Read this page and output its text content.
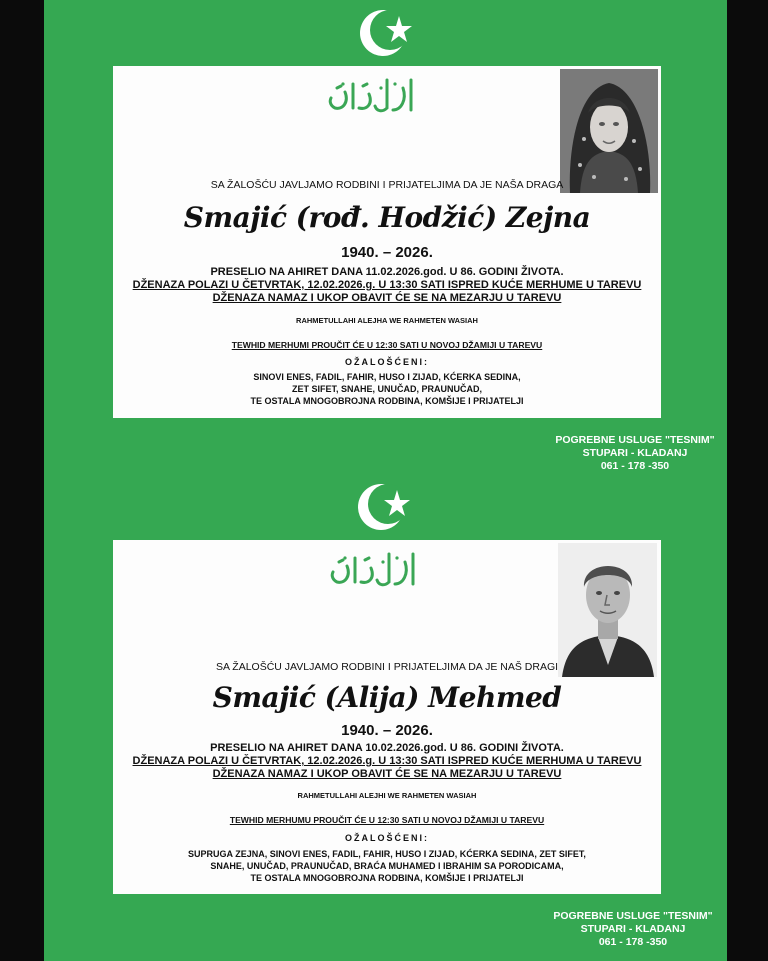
SA ŽALOŠĆU JAVLJAMO RODBINI I PRIJATELJIMA DA JE NAŠA DRAGA
Smajić (rođ. Hodžić) Zejna
1940. – 2026.
PRESELIO NA AHIRET DANA 11.02.2026.god. U 86. GODINI ŽIVOTA.
DŽENAZA POLAZI U ČETVRTAK, 12.02.2026.g. U 13:30 SATI ISPRED KUĆE MERHUME U TAREVU
DŽENAZA NAMAZ I UKOP OBAVIT ĆE SE NA MEZARJU U TAREVU
RAHMETULLAHI ALEJHA WE RAHMETEN WASIAH
TEWHID MERHUMI PROUČIT ĆE U 12:30 SATI U NOVOJ DŽAMIJI U TAREVU
OŽALOŠĆENI:
SINOVI ENES, FADIL, FAHIR, HUSO I ZIJAD, KĆERKA SEDINA,
ZET SIFET, SNAHE, UNUČAD, PRAUNUČAD,
TE OSTALA MNOGOBROJNA RODBINA, KOMŠIJE I PRIJATELJI
POGREBNE USLUGE "TESNIM"
STUPARI - KLADANJ
061 - 178 -350
SA ŽALOŠĆU JAVLJAMO RODBINI I PRIJATELJIMA DA JE NAŠ DRAGI
Smajić (Alija) Mehmed
1940. – 2026.
PRESELIO NA AHIRET DANA 10.02.2026.god. U 86. GODINI ŽIVOTA.
DŽENAZA POLAZI U ČETVRTAK, 12.02.2026.g. U 13:30 SATI ISPRED KUĆE MERHUMA U TAREVU
DŽENAZA NAMAZ I UKOP OBAVIT ĆE SE NA MEZARJU U TAREVU
RAHMETULLAHI ALEJHI WE RAHMETEN WASIAH
TEWHID MERHUMU PROUČIT ĆE U 12:30 SATI U NOVOJ DŽAMIJI U TAREVU
OŽALOŠĆENI:
SUPRUGA ZEJNA, SINOVI ENES, FADIL, FAHIR, HUSO I ZIJAD, KĆERKA SEDINA, ZET SIFET,
SNAHE, UNUČAD, PRAUNUČAD, BRAĆA MUHAMED I IBRAHIM SA PORODICAMA,
TE OSTALA MNOGOBROJNA RODBINA, KOMŠIJE I PRIJATELJI
POGREBNE USLUGE "TESNIM"
STUPARI - KLADANJ
061 - 178 -350
